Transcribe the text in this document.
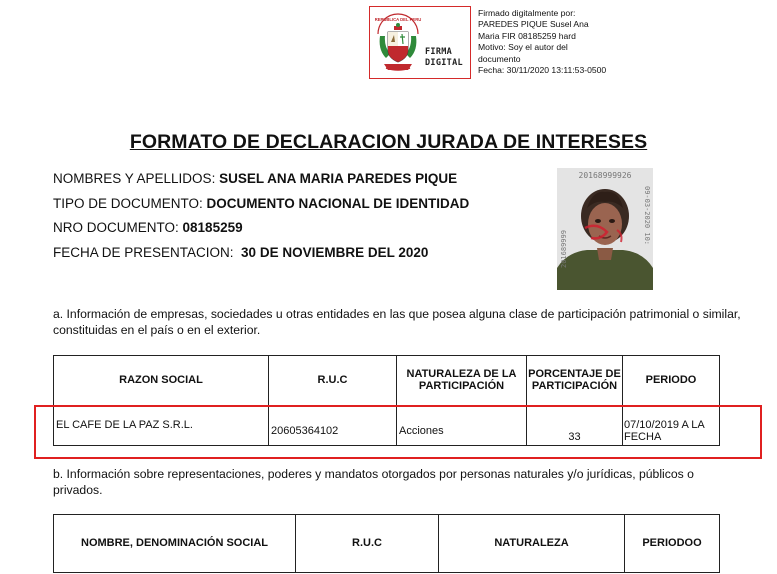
REPUBLICA DEL PERU
FIRMA
DIGITAL
Firmado digitalmente por:
PAREDES PIQUE Susel Ana
Maria FIR 08185259 hard
Motivo: Soy el autor del
documento
Fecha: 30/11/2020 13:11:53-0500
FORMATO DE DECLARACION JURADA DE INTERESES
NOMBRES Y APELLIDOS: SUSEL ANA MARIA PAREDES PIQUE
TIPO DE DOCUMENTO: DOCUMENTO NACIONAL DE IDENTIDAD
NRO DOCUMENTO: 08185259
FECHA DE PRESENTACION: 30 DE NOVIEMBRE DEL 2020
20168999926
201689999
09-03-2020 10:
a. Información de empresas, sociedades u otras entidades en las que posea alguna clase de participación patrimonial o similar, constituidas en el país o en el exterior.
RAZON SOCIAL	R.U.C	NATURALEZA DE LA PARTICIPACIÓN	PORCENTAJE DE PARTICIPACIÓN	PERIODO
EL CAFE DE LA PAZ S.R.L.	20605364102	Acciones	33	07/10/2019 A LA FECHA
b. Información sobre representaciones, poderes y mandatos otorgados por personas naturales y/o jurídicas, públicos o privados.
NOMBRE, DENOMINACIÓN SOCIAL	R.U.C	NATURALEZA	PERIODOO
